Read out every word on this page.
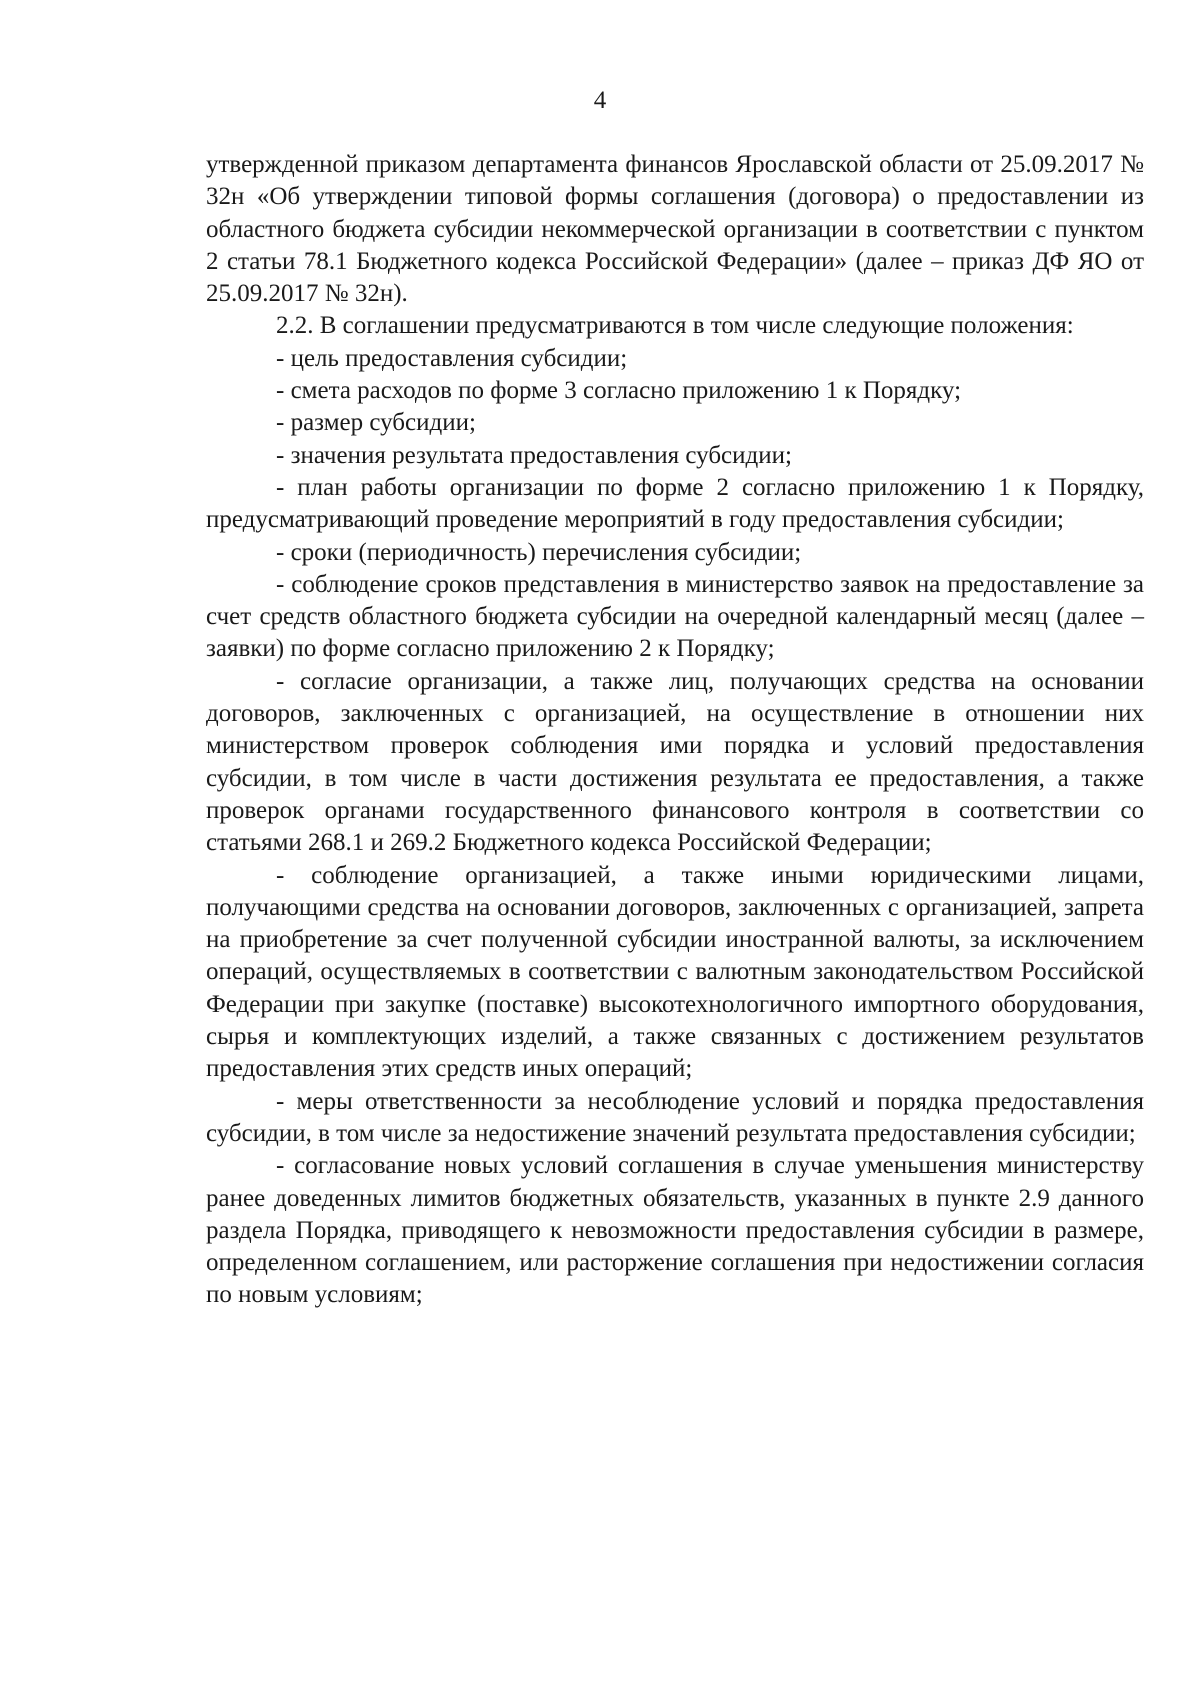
4

утвержденной приказом департамента финансов Ярославской области от 25.09.2017 № 32н «Об утверждении типовой формы соглашения (договора) о предоставлении из областного бюджета субсидии некоммерческой организации в соответствии с пунктом 2 статьи 78.1 Бюджетного кодекса Российской Федерации» (далее – приказ ДФ ЯО от 25.09.2017 № 32н).

2.2. В соглашении предусматриваются в том числе следующие положения:

- цель предоставления субсидии;

- смета расходов по форме 3 согласно приложению 1 к Порядку;

- размер субсидии;

- значения результата предоставления субсидии;

- план работы организации по форме 2 согласно приложению 1 к Порядку, предусматривающий проведение мероприятий в году предоставления субсидии;

- сроки (периодичность) перечисления субсидии;

- соблюдение сроков представления в министерство заявок на предоставление за счет средств областного бюджета субсидии на очередной календарный месяц (далее – заявки) по форме согласно приложению 2 к Порядку;

- согласие организации, а также лиц, получающих средства на основании договоров, заключенных с организацией, на осуществление в отношении них министерством проверок соблюдения ими порядка и условий предоставления субсидии, в том числе в части достижения результата ее предоставления, а также проверок органами государственного финансового контроля в соответствии со статьями 268.1 и 269.2 Бюджетного кодекса Российской Федерации;

- соблюдение организацией, а также иными юридическими лицами, получающими средства на основании договоров, заключенных с организацией, запрета на приобретение за счет полученной субсидии иностранной валюты, за исключением операций, осуществляемых в соответствии с валютным законодательством Российской Федерации при закупке (поставке) высокотехнологичного импортного оборудования, сырья и комплектующих изделий, а также связанных с достижением результатов предоставления этих средств иных операций;

- меры ответственности за несоблюдение условий и порядка предоставления субсидии, в том числе за недостижение значений результата предоставления субсидии;

- согласование новых условий соглашения в случае уменьшения министерству ранее доведенных лимитов бюджетных обязательств, указанных в пункте 2.9 данного раздела Порядка, приводящего к невозможности предоставления субсидии в размере, определенном соглашением, или расторжение соглашения при недостижении согласия по новым условиям;
